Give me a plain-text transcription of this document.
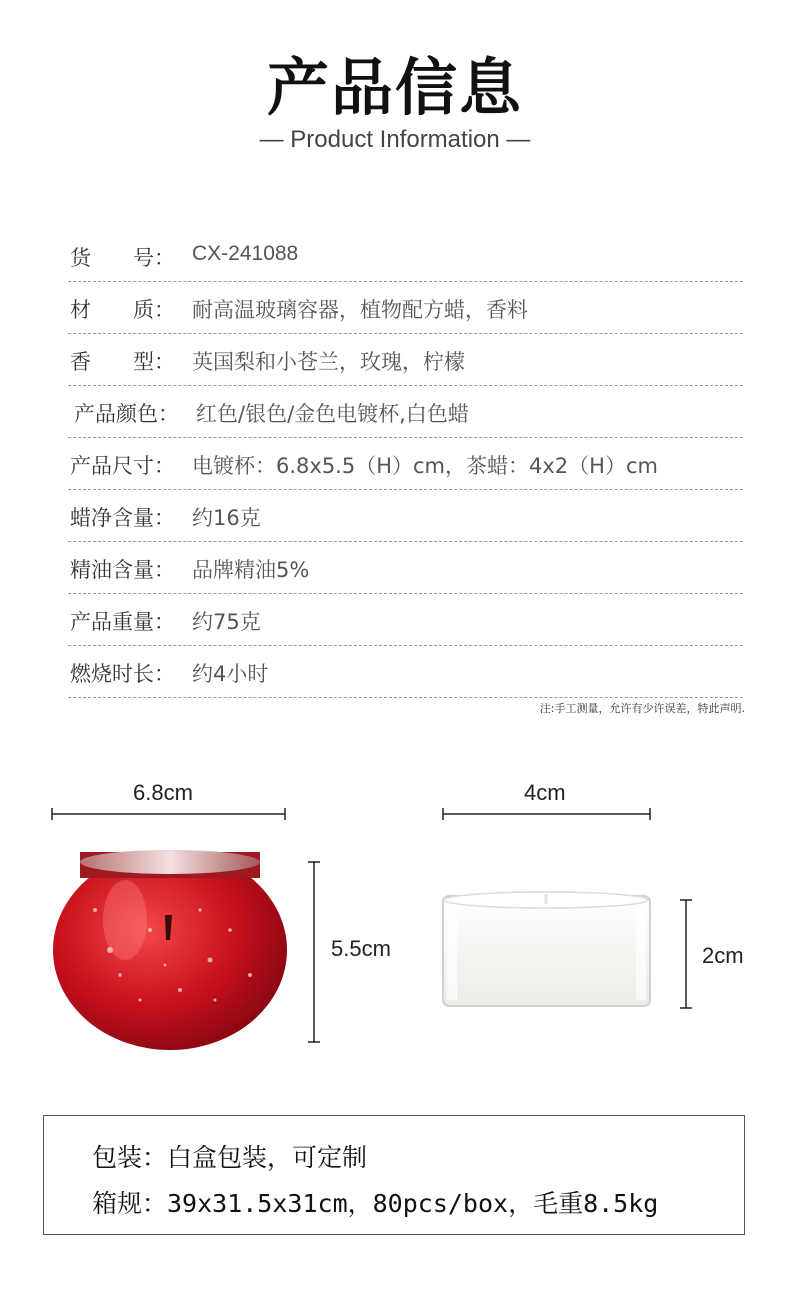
产品信息
— Product Information —
货 号： CX-241088
材 质： 耐高温玻璃容器，植物配方蜡，香料
香 型： 英国梨和小苍兰，玫瑰，柠檬
产品颜色： 红色/银色/金色电镀杯,白色蜡
产品尺寸： 电镀杯：6.8x5.5（H）cm，茶蜡：4x2（H）cm
蜡净含量： 约16克
精油含量： 品牌精油5%
产品重量： 约75克
燃烧时长： 约4小时
注:手工测量，允许有少许误差，特此声明.
6.8cm
5.5cm
4cm
2cm
包装：白盒包装，可定制
箱规：39x31.5x31cm，80pcs/box，毛重8.5kg
